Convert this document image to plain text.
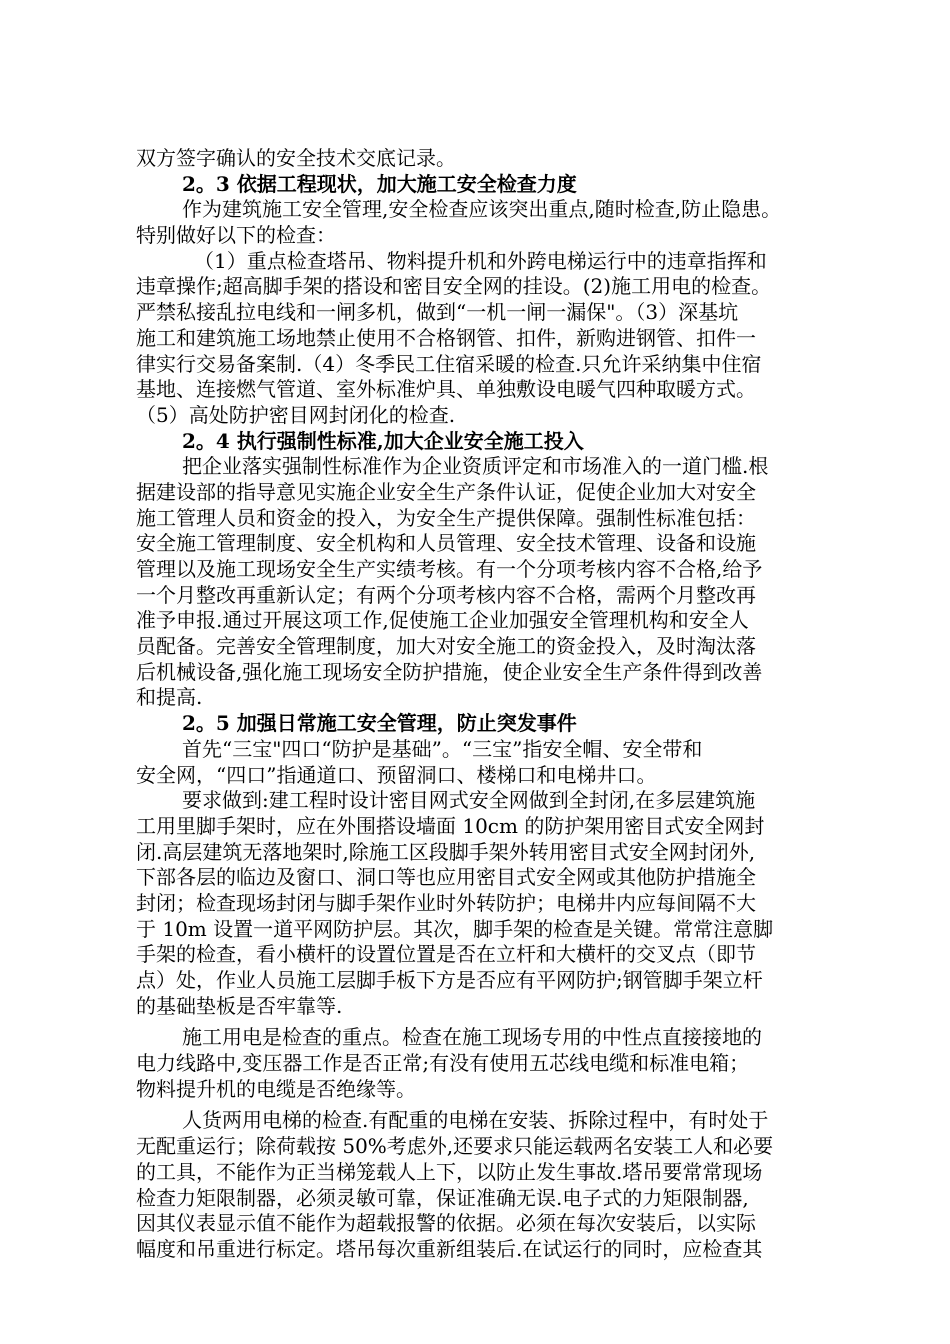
双方签字确认的安全技术交底记录。
2。3 依据工程现状，加大施工安全检查力度
作为建筑施工安全管理,安全检查应该突出重点,随时检查,防止隐患。
特别做好以下的检查：
（1）重点检查塔吊、物料提升机和外跨电梯运行中的违章指挥和
违章操作;超高脚手架的搭设和密目安全网的挂设。(2)施工用电的检查。
严禁私接乱拉电线和一闸多机，做到“一机一闸一漏保"。（3）深基坑
施工和建筑施工场地禁止使用不合格钢管、扣件，新购进钢管、扣件一
律实行交易备案制.（4）冬季民工住宿采暖的检查.只允许采纳集中住宿
基地、连接燃气管道、室外标准炉具、单独敷设电暖气四种取暖方式。
（5）高处防护密目网封闭化的检查.
2。4 执行强制性标准,加大企业安全施工投入
把企业落实强制性标准作为企业资质评定和市场准入的一道门槛.根
据建设部的指导意见实施企业安全生产条件认证，促使企业加大对安全
施工管理人员和资金的投入，为安全生产提供保障。强制性标准包括：
安全施工管理制度、安全机构和人员管理、安全技术管理、设备和设施
管理以及施工现场安全生产实绩考核。有一个分项考核内容不合格,给予
一个月整改再重新认定；有两个分项考核内容不合格，需两个月整改再
准予申报.通过开展这项工作,促使施工企业加强安全管理机构和安全人
员配备。完善安全管理制度，加大对安全施工的资金投入，及时淘汰落
后机械设备,强化施工现场安全防护措施，使企业安全生产条件得到改善
和提高.
2。5 加强日常施工安全管理，防止突发事件
首先“三宝"四口“防护是基础”。“三宝”指安全帽、安全带和
安全网，“四口”指通道口、预留洞口、楼梯口和电梯井口。
要求做到:建工程时设计密目网式安全网做到全封闭,在多层建筑施
工用里脚手架时，应在外围搭设墙面 10cm 的防护架用密目式安全网封
闭.高层建筑无落地架时,除施工区段脚手架外转用密目式安全网封闭外,
下部各层的临边及窗口、洞口等也应用密目式安全网或其他防护措施全
封闭；检查现场封闭与脚手架作业时外转防护；电梯井内应每间隔不大
于 10m 设置一道平网防护层。其次，脚手架的检查是关键。常常注意脚
手架的检查，看小横杆的设置位置是否在立杆和大横杆的交叉点（即节
点）处，作业人员施工层脚手板下方是否应有平网防护;钢管脚手架立杆
的基础垫板是否牢靠等.
施工用电是检查的重点。检查在施工现场专用的中性点直接接地的
电力线路中,变压器工作是否正常;有没有使用五芯线电缆和标准电箱；
物料提升机的电缆是否绝缘等。
人货两用电梯的检查.有配重的电梯在安装、拆除过程中，有时处于
无配重运行；除荷载按 50%考虑外,还要求只能运载两名安装工人和必要
的工具，不能作为正当梯笼载人上下，以防止发生事故.塔吊要常常现场
检查力矩限制器，必须灵敏可靠，保证准确无误.电子式的力矩限制器,
因其仪表显示值不能作为超载报警的依据。必须在每次安装后，以实际
幅度和吊重进行标定。塔吊每次重新组装后.在试运行的同时，应检查其
